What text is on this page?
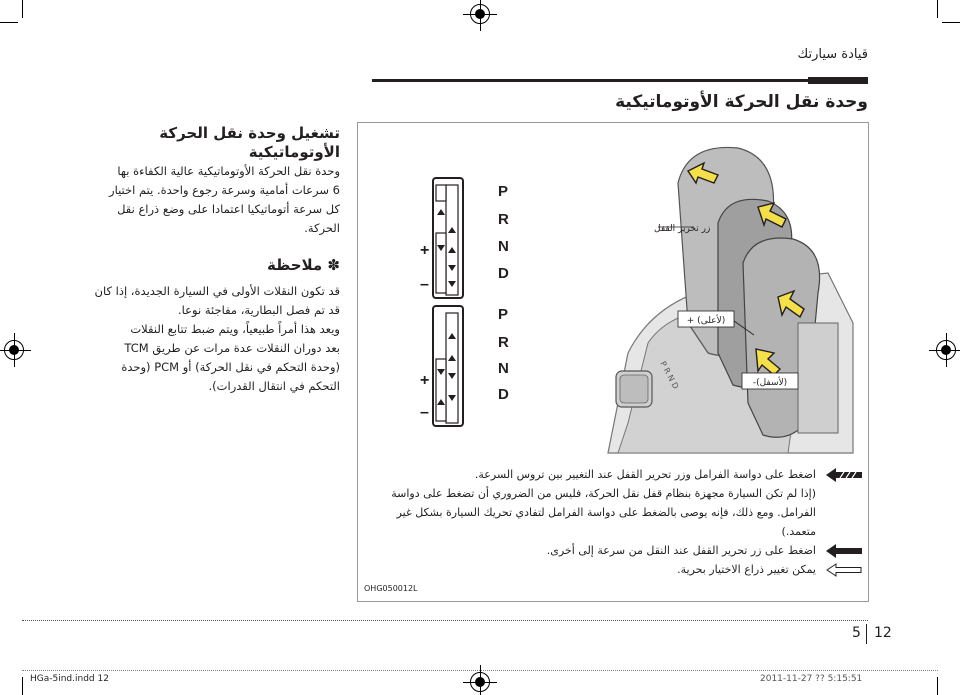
قيادة سيارتك
وحدة نقل الحركة الأوتوماتيكية
تشغيل وحدة نقل الحركة الأوتوماتيكية
وحدة نقل الحركة الأوتوماتيكية عالية الكفاءة بها
6 سرعات أمامية وسرعة رجوع واحدة. يتم اختيار
كل سرعة أتوماتيكيا اعتمادا على وضع ذراع نقل
الحركة.
✽ ملاحظة
قد تكون النقلات الأولى في السيارة الجديدة، إذا كان
قد تم فصل البطارية، مفاجئة نوعا.
ويعد هذا أمراً طبيعياً، ويتم ضبط تتابع النقلات
بعد دوران النقلات عدة مرات عن طريق TCM
(وحدة التحكم في نقل الحركة) أو PCM (وحدة
التحكم في انتقال القدرات).
P
R
N
D
+
–
P
R
N
D
+
–
P R N D
زر تحرير القفل
+ (لأعلى)
-(لأسفل)
اضغط على دواسة الفرامل وزر تحرير القفل عند التغيير بين تروس السرعة.
(إذا لم تكن السيارة مجهزة بنظام قفل نقل الحركة، فليس من الضروري أن تضغط على دواسة
الفرامل. ومع ذلك، فإنه يوصى بالضغط على دواسة الفرامل لتفادي تحريك السيارة بشكل غير
متعمد.)
اضغط على زر تحرير القفل عند النقل من سرعة إلى أخرى.
يمكن تغيير ذراع الاختيار بحرية.
OHG050012L
5 12
HGa-5ind.indd 12	2011-11-27 ?? 5:15:51
